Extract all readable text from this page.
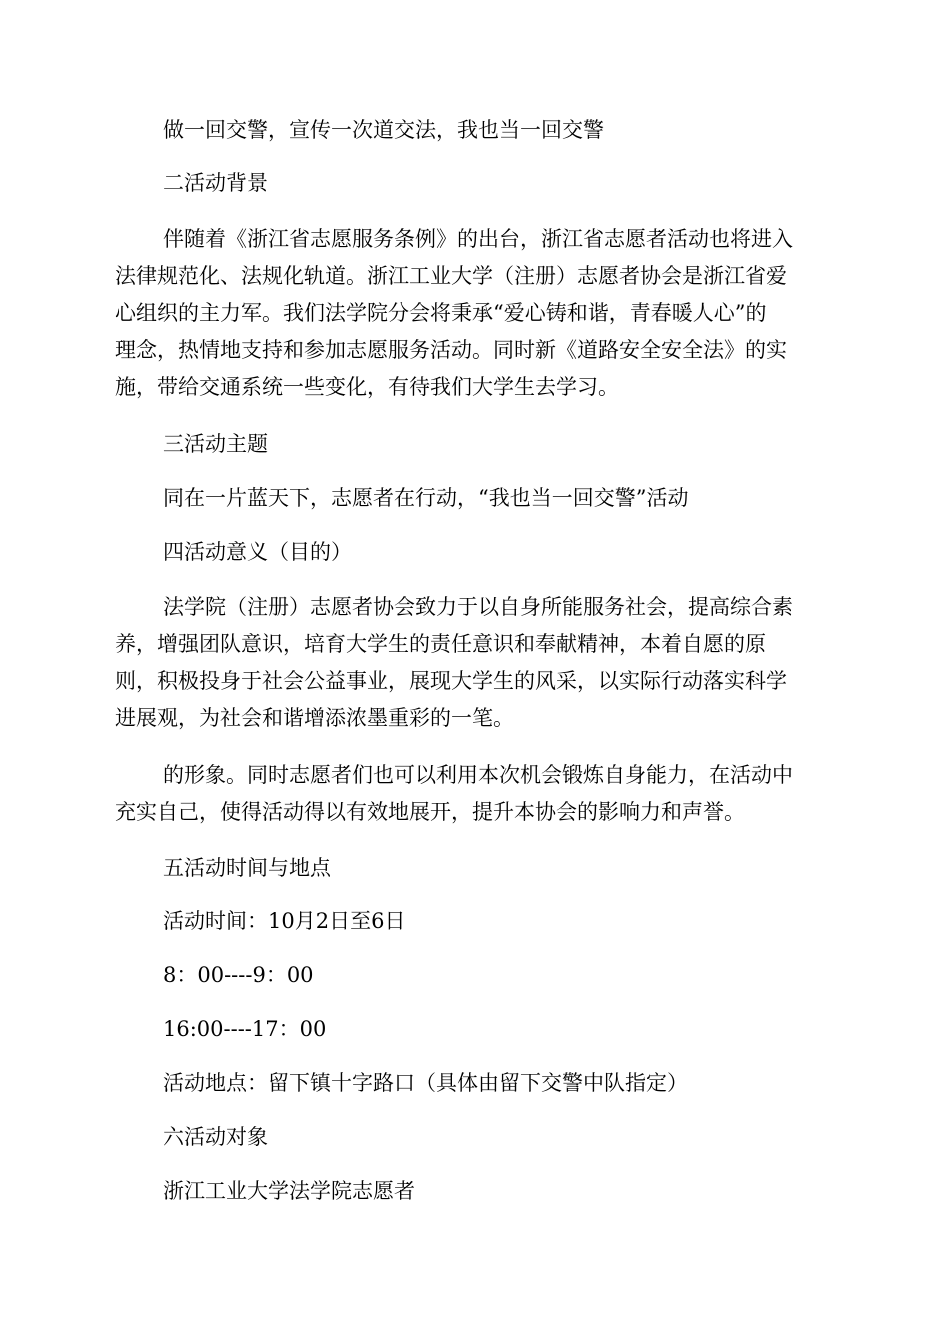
做一回交警，宣传一次道交法，我也当一回交警

二活动背景

伴随着《浙江省志愿服务条例》的出台，浙江省志愿者活动也将进入

法律规范化、法规化轨道。浙江工业大学（注册）志愿者协会是浙江省爱

心组织的主力军。我们法学院分会将秉承“爱心铸和谐，青春暖人心”的

理念，热情地支持和参加志愿服务活动。同时新《道路安全安全法》的实

施，带给交通系统一些变化，有待我们大学生去学习。

三活动主题

同在一片蓝天下，志愿者在行动，“我也当一回交警”活动

四活动意义（目的）

法学院（注册）志愿者协会致力于以自身所能服务社会，提高综合素

养，增强团队意识，培育大学生的责任意识和奉献精神，本着自愿的原

则，积极投身于社会公益事业，展现大学生的风采，以实际行动落实科学

进展观，为社会和谐增添浓墨重彩的一笔。

的形象。同时志愿者们也可以利用本次机会锻炼自身能力，在活动中

充实自己，使得活动得以有效地展开，提升本协会的影响力和声誉。

五活动时间与地点

活动时间：10月2日至6日

8：00----9：00

16:00----17：00

活动地点：留下镇十字路口（具体由留下交警中队指定）

六活动对象

浙江工业大学法学院志愿者
